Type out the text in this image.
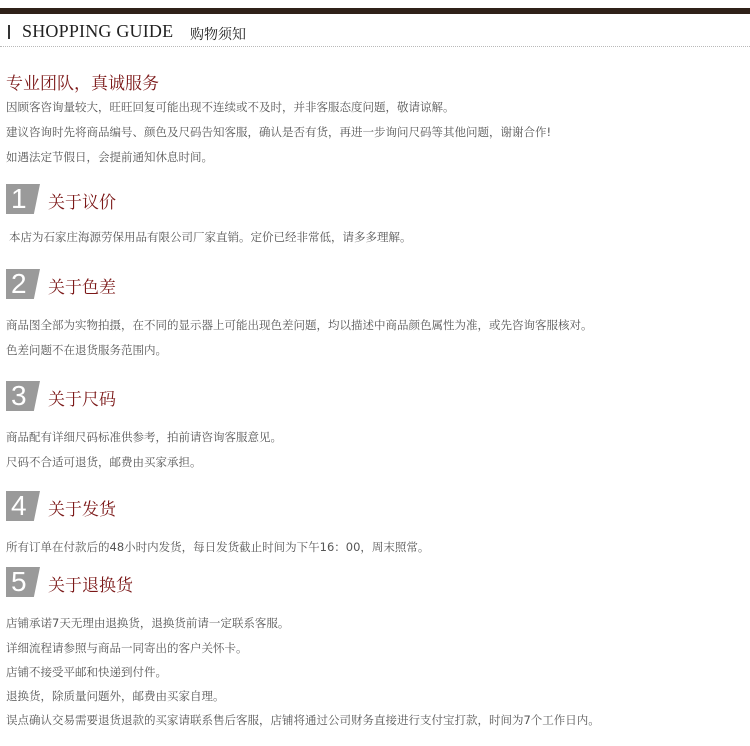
SHOPPING GUIDE 购物须知
专业团队，真诚服务
因顾客咨询量较大，旺旺回复可能出现不连续或不及时，并非客服态度问题，敬请谅解。
建议咨询时先将商品编号、颜色及尺码告知客服，确认是否有货，再进一步询问尺码等其他问题，谢谢合作!
如遇法定节假日，会提前通知休息时间。
1 关于议价
本店为石家庄海源劳保用品有限公司厂家直销。定价已经非常低，请多多理解。
2 关于色差
商品图全部为实物拍摄，在不同的显示器上可能出现色差问题，均以描述中商品颜色属性为准，或先咨询客服核对。
色差问题不在退货服务范围内。
3 关于尺码
商品配有详细尺码标准供参考，拍前请咨询客服意见。
尺码不合适可退货，邮费由买家承担。
4 关于发货
所有订单在付款后的48小时内发货，每日发货截止时间为下午16：00，周末照常。
5 关于退换货
店铺承诺7天无理由退换货，退换货前请一定联系客服。
详细流程请参照与商品一同寄出的客户关怀卡。
店铺不接受平邮和快递到付件。
退换货，除质量问题外，邮费由买家自理。
误点确认交易需要退货退款的买家请联系售后客服，店铺将通过公司财务直接进行支付宝打款，时间为7个工作日内。
